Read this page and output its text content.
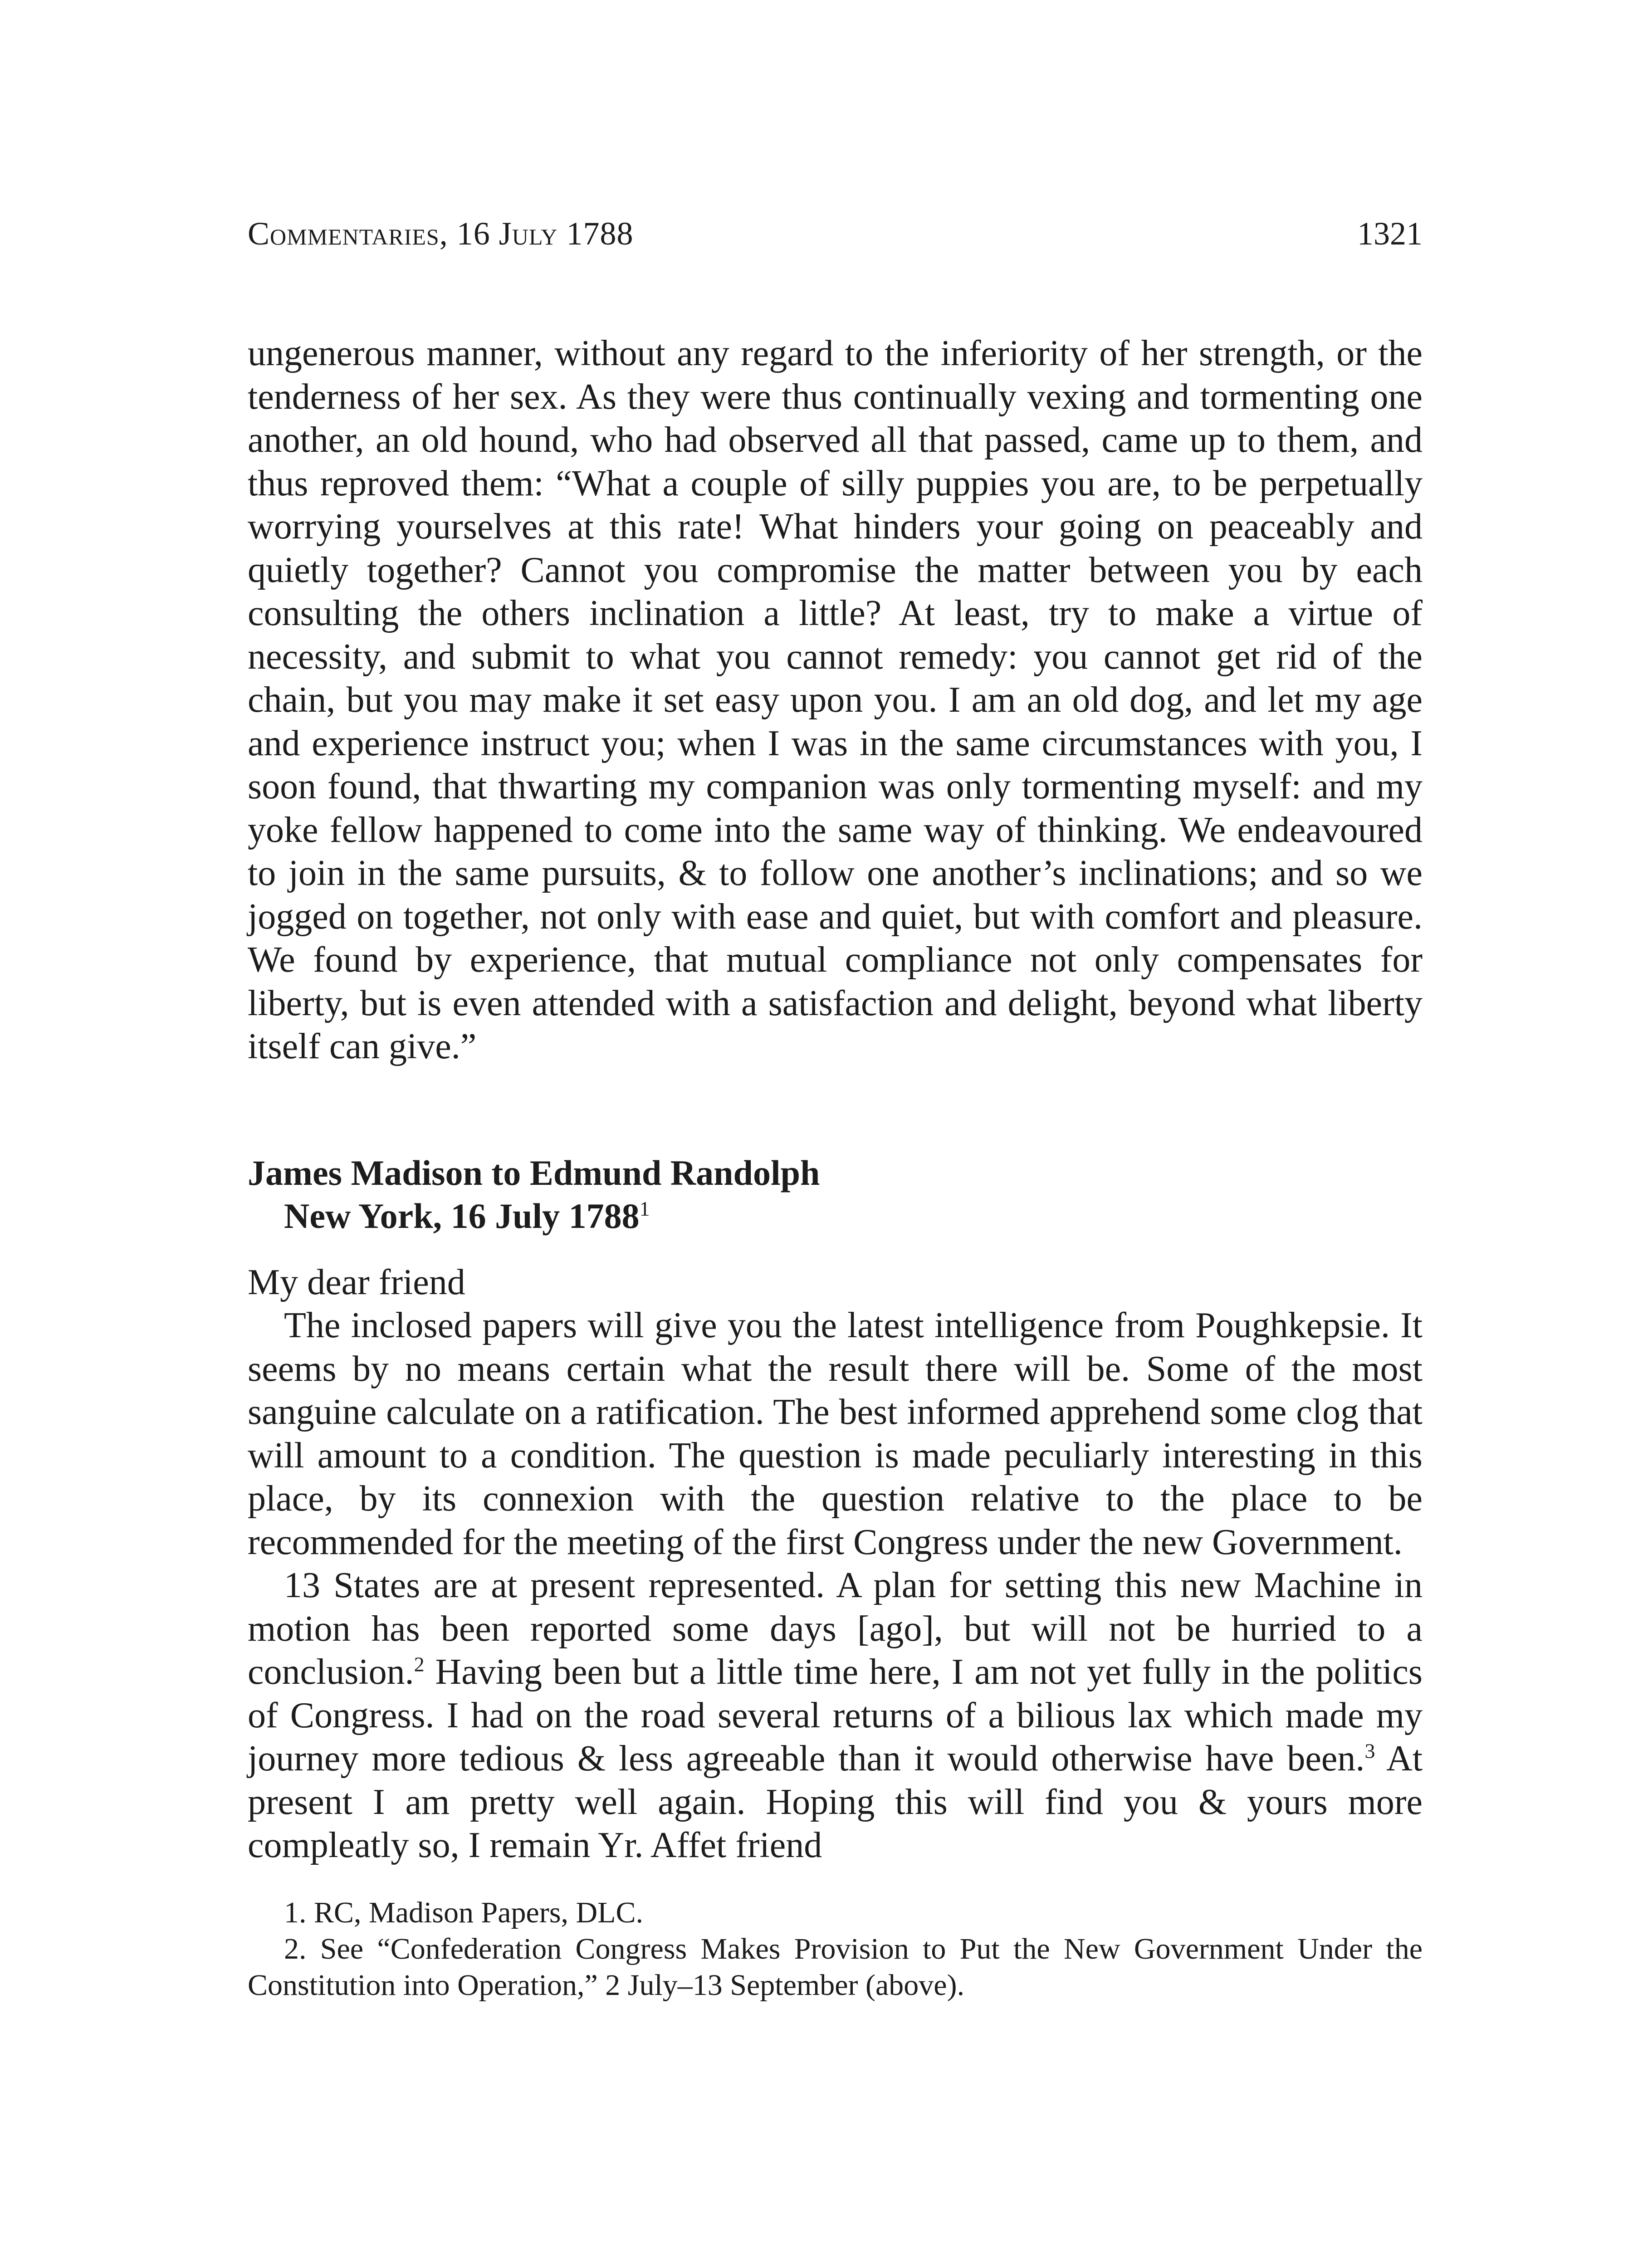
Commentaries, 16 July 1788	1321

ungenerous manner, without any regard to the inferiority of her strength, or the tenderness of her sex. As they were thus continually vexing and tormenting one another, an old hound, who had observed all that passed, came up to them, and thus reproved them: “What a couple of silly puppies you are, to be perpetually worrying yourselves at this rate! What hinders your going on peaceably and quietly together? Cannot you compromise the matter between you by each consulting the others inclination a little? At least, try to make a virtue of necessity, and submit to what you cannot remedy: you cannot get rid of the chain, but you may make it set easy upon you. I am an old dog, and let my age and experience instruct you; when I was in the same circumstances with you, I soon found, that thwarting my companion was only tormenting myself: and my yoke fellow happened to come into the same way of thinking. We endeavoured to join in the same pursuits, & to follow one another’s inclinations; and so we jogged on together, not only with ease and quiet, but with comfort and pleasure. We found by experience, that mutual compliance not only compensates for liberty, but is even attended with a satisfaction and delight, beyond what liberty itself can give.”

James Madison to Edmund Randolph
New York, 16 July 1788$^1$

My dear friend

The inclosed papers will give you the latest intelligence from Poughkepsie. It seems by no means certain what the result there will be. Some of the most sanguine calculate on a ratification. The best informed apprehend some clog that will amount to a condition. The question is made peculiarly interesting in this place, by its connexion with the question relative to the place to be recommended for the meeting of the first Congress under the new Government.

13 States are at present represented. A plan for setting this new Machine in motion has been reported some days [ago], but will not be hurried to a conclusion.$^2$ Having been but a little time here, I am not yet fully in the politics of Congress. I had on the road several returns of a bilious lax which made my journey more tedious & less agreeable than it would otherwise have been.$^3$ At present I am pretty well again. Hoping this will find you & yours more compleatly so, I remain Yr. Affet friend

1. RC, Madison Papers, DLC.

2. See “Confederation Congress Makes Provision to Put the New Government Under the Constitution into Operation,” 2 July–13 September (above).
